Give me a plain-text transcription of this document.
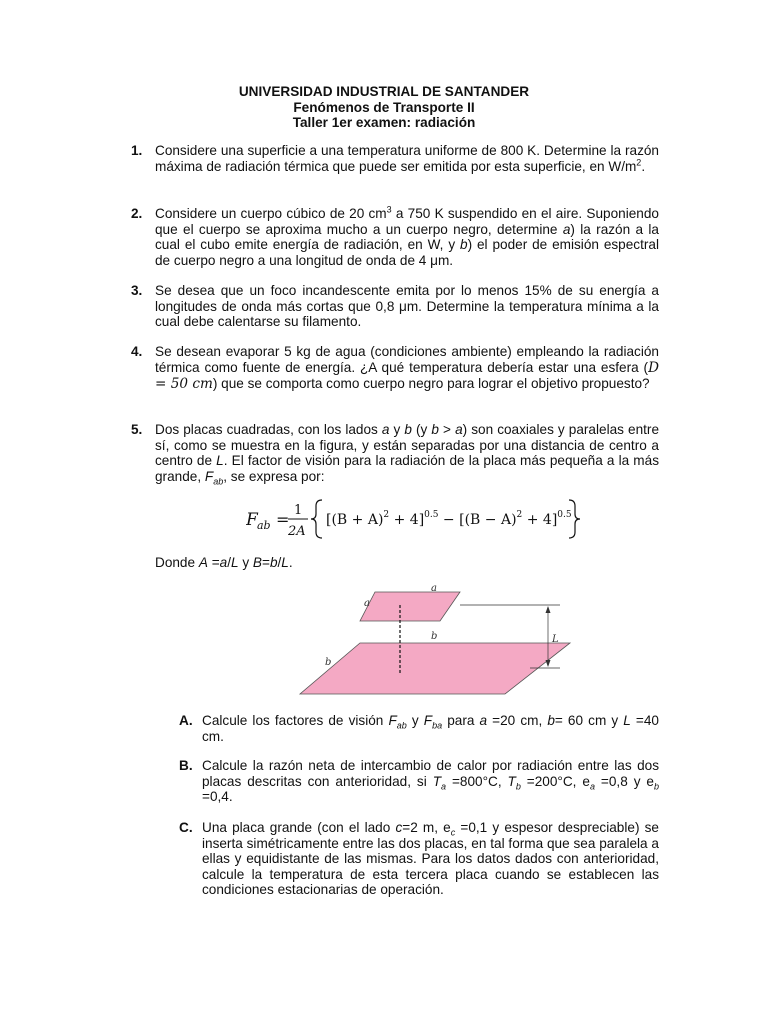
UNIVERSIDAD INDUSTRIAL DE SANTANDER
Fenómenos de Transporte II
Taller 1er examen: radiación
1. Considere una superficie a una temperatura uniforme de 800 K. Determine la razón máxima de radiación térmica que puede ser emitida por esta superficie, en $W/m^2$.
2. Considere un cuerpo cúbico de 20 $cm^3$ a 750 K suspendido en el aire. Suponiendo que el cuerpo se aproxima mucho a un cuerpo negro, determine a) la razón a la cual el cubo emite energía de radiación, en W, y b) el poder de emisión espectral de cuerpo negro a una longitud de onda de 4 μm.
3. Se desea que un foco incandescente emita por lo menos 15% de su energía a longitudes de onda más cortas que 0,8 μm. Determine la temperatura mínima a la cual debe calentarse su filamento.
4. Se desean evaporar 5 kg de agua (condiciones ambiente) empleando la radiación térmica como fuente de energía. ¿A qué temperatura debería estar una esfera (D = 50 cm) que se comporta como cuerpo negro para lograr el objetivo propuesto?
5. Dos placas cuadradas, con los lados a y b (y b > a) son coaxiales y paralelas entre sí, como se muestra en la figura, y están separadas por una distancia de centro a centro de L. El factor de visión para la radiación de la placa más pequeña a la más grande, $F_{ab}$, se expresa por:
F ab = 1
2A
$[(B + A)^2 + 4]^{0.5} - [(B - A)^2 + 4]^{0.5}$
Donde A =a/L y B=b/L.
a
a
b
b
L
A. Calcule los factores de visión $F_{ab}$ y $F_{ba}$ para a =20 cm, b= 60 cm y L =40 cm.
B. Calcule la razón neta de intercambio de calor por radiación entre las dos placas descritas con anterioridad, si $T_a =800^\circ C$, $T_b =200^\circ C$, $e_a =0,8$ y $e_b =0,4$.
C. Una placa grande (con el lado c=2 m, $e_c =0,1$ y espesor despreciable) se inserta simétricamente entre las dos placas, en tal forma que sea paralela a ellas y equidistante de las mismas. Para los datos dados con anterioridad, calcule la temperatura de esta tercera placa cuando se establecen las condiciones estacionarias de operación.
